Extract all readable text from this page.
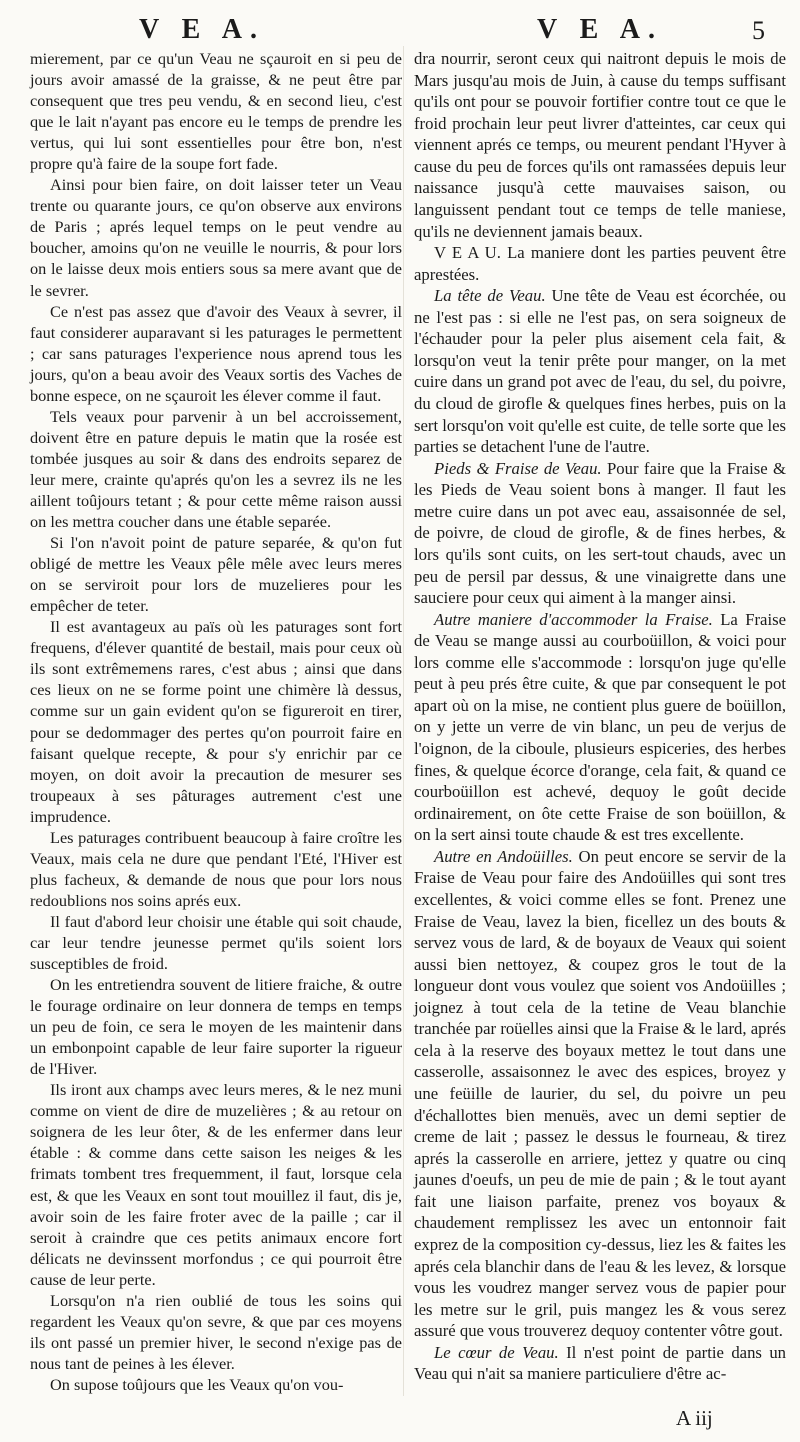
V E A.	V E A.	5

mierement, par ce qu'un Veau ne sçauroit en si peu de jours avoir amassé de la graisse, & ne peut être par consequent que tres peu vendu, & en second lieu, c'est que le lait n'ayant pas encore eu le temps de prendre les vertus, qui lui sont essentielles pour être bon, n'est propre qu'à faire de la soupe fort fade.

Ainsi pour bien faire, on doit laisser teter un Veau trente ou quarante jours, ce qu'on observe aux environs de Paris ; aprés lequel temps on le peut vendre au boucher, amoins qu'on ne veuille le nourris, & pour lors on le laisse deux mois entiers sous sa mere avant que de le sevrer.

Ce n'est pas assez que d'avoir des Veaux à sevrer, il faut considerer auparavant si les paturages le permettent ; car sans paturages l'experience nous aprend tous les jours, qu'on a beau avoir des Veaux sortis des Vaches de bonne espece, on ne sçauroit les élever comme il faut.

Tels veaux pour parvenir à un bel accroissement, doivent être en pature depuis le matin que la rosée est tombée jusques au soir & dans des endroits separez de leur mere, crainte qu'aprés qu'on les a sevrez ils ne les aillent toûjours tetant ; & pour cette même raison aussi on les mettra coucher dans une étable separée.

Si l'on n'avoit point de pature separée, & qu'on fut obligé de mettre les Veaux pêle mêle avec leurs meres on se serviroit pour lors de muzelieres pour les empêcher de teter.

Il est avantageux au païs où les paturages sont fort frequens, d'élever quantité de bestail, mais pour ceux où ils sont extrêmemens rares, c'est abus ; ainsi que dans ces lieux on ne se forme point une chimère là dessus, comme sur un gain evident qu'on se figureroit en tirer, pour se dedommager des pertes qu'on pourroit faire en faisant quelque recepte, & pour s'y enrichir par ce moyen, on doit avoir la precaution de mesurer ses troupeaux à ses pâturages autrement c'est une imprudence.

Les paturages contribuent beaucoup à faire croître les Veaux, mais cela ne dure que pendant l'Eté, l'Hiver est plus facheux, & demande de nous que pour lors nous redoublions nos soins aprés eux.

Il faut d'abord leur choisir une étable qui soit chaude, car leur tendre jeunesse permet qu'ils soient lors susceptibles de froid.

On les entretiendra souvent de litiere fraiche, & outre le fourage ordinaire on leur donnera de temps en temps un peu de foin, ce sera le moyen de les maintenir dans un embonpoint capable de leur faire suporter la rigueur de l'Hiver.

Ils iront aux champs avec leurs meres, & le nez muni comme on vient de dire de muzelières ; & au retour on soignera de les leur ôter, & de les enfermer dans leur étable : & comme dans cette saison les neiges & les frimats tombent tres frequemment, il faut, lorsque cela est, & que les Veaux en sont tout mouillez il faut, dis je, avoir soin de les faire froter avec de la paille ; car il seroit à craindre que ces petits animaux encore fort délicats ne devinssent morfondus ; ce qui pourroit être cause de leur perte.

Lorsqu'on n'a rien oublié de tous les soins qui regardent les Veaux qu'on sevre, & que par ces moyens ils ont passé un premier hiver, le second n'exige pas de nous tant de peines à les élever.

On supose toûjours que les Veaux qu'on vou-

dra nourrir, seront ceux qui naitront depuis le mois de Mars jusqu'au mois de Juin, à cause du temps suffisant qu'ils ont pour se pouvoir fortifier contre tout ce que le froid prochain leur peut livrer d'atteintes, car ceux qui viennent aprés ce temps, ou meurent pendant l'Hyver à cause du peu de forces qu'ils ont ramassées depuis leur naissance jusqu'à cette mauvaises saison, ou languissent pendant tout ce temps de telle maniese, qu'ils ne deviennent jamais beaux.

V E A U. La maniere dont les parties peuvent être aprestées.

La tête de Veau. Une tête de Veau est écorchée, ou ne l'est pas : si elle ne l'est pas, on sera soigneux de l'échauder pour la peler plus aisement cela fait, & lorsqu'on veut la tenir prête pour manger, on la met cuire dans un grand pot avec de l'eau, du sel, du poivre, du cloud de girofle & quelques fines herbes, puis on la sert lorsqu'on voit qu'elle est cuite, de telle sorte que les parties se detachent l'une de l'autre.

Pieds & Fraise de Veau. Pour faire que la Fraise & les Pieds de Veau soient bons à manger. Il faut les metre cuire dans un pot avec eau, assaisonnée de sel, de poivre, de cloud de girofle, & de fines herbes, & lors qu'ils sont cuits, on les sert-tout chauds, avec un peu de persil par dessus, & une vinaigrette dans une sauciere pour ceux qui aiment à la manger ainsi.

Autre maniere d'accommoder la Fraise. La Fraise de Veau se mange aussi au courboüillon, & voici pour lors comme elle s'accommode : lorsqu'on juge qu'elle peut à peu prés être cuite, & que par consequent le pot apart où on la mise, ne contient plus guere de boüillon, on y jette un verre de vin blanc, un peu de verjus de l'oignon, de la ciboule, plusieurs espiceries, des herbes fines, & quelque écorce d'orange, cela fait, & quand ce courboüillon est achevé, dequoy le goût decide ordinairement, on ôte cette Fraise de son boüillon, & on la sert ainsi toute chaude & est tres excellente.

Autre en Andoüilles. On peut encore se servir de la Fraise de Veau pour faire des Andoüilles qui sont tres excellentes, & voici comme elles se font. Prenez une Fraise de Veau, lavez la bien, ficellez un des bouts & servez vous de lard, & de boyaux de Veaux qui soient aussi bien nettoyez, & coupez gros le tout de la longueur dont vous voulez que soient vos Andoüilles ; joignez à tout cela de la tetine de Veau blanchie tranchée par roüelles ainsi que la Fraise & le lard, aprés cela à la reserve des boyaux mettez le tout dans une casserolle, assaisonnez le avec des espices, broyez y une feüille de laurier, du sel, du poivre un peu d'échallottes bien menuës, avec un demi septier de creme de lait ; passez le dessus le fourneau, & tirez aprés la casserolle en arriere, jettez y quatre ou cinq jaunes d'oeufs, un peu de mie de pain ; & le tout ayant fait une liaison parfaite, prenez vos boyaux & chaudement remplissez les avec un entonnoir fait exprez de la composition cy-dessus, liez les & faites les aprés cela blanchir dans de l'eau & les levez, & lorsque vous les voudrez manger servez vous de papier pour les metre sur le gril, puis mangez les & vous serez assuré que vous trouverez dequoy contenter vôtre gout.

Le cœur de Veau. Il n'est point de partie dans un Veau qui n'ait sa maniere particuliere d'être ac-

A iij
